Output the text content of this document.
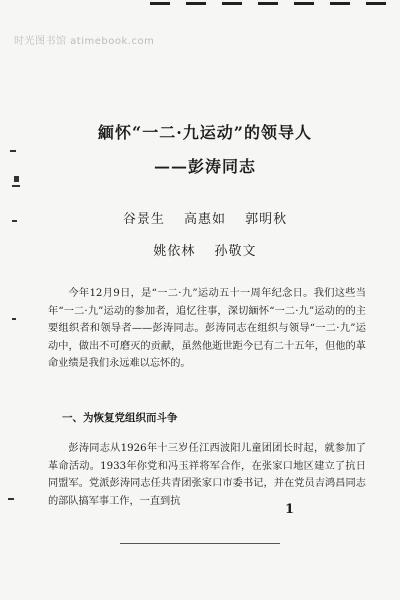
时光图书馆 atimebook.com
緬怀“一二·九运动”的领导人
——彭涛同志
谷景生 高惠如 郭明秋
姚依林 孙敬文

今年12月9日，是“一二·九”运动五十一周年纪念日。我们这些当年“一二·九”运动的参加者，追忆往事，深切緬怀“一二·九”运动的的主要组织者和领导者——彭涛同志。彭涛同志在组织与领导“一二·九”运动中，做出不可磨灭的贡献，虽然他逝世距今已有二十五年，但他的革命业绩是我们永远难以忘怀的。

一、为恢复党组织而斗争

彭涛同志从1926年十三岁任江西波阳儿童团团长时起，就参加了革命活动。1933年你党和冯玉祥将军合作，在张家口地区建立了抗日同盟军。党派彭涛同志任共青团张家口市委书记，并在党员吉鸿昌同志的部队搞军事工作，一直到抗

1
